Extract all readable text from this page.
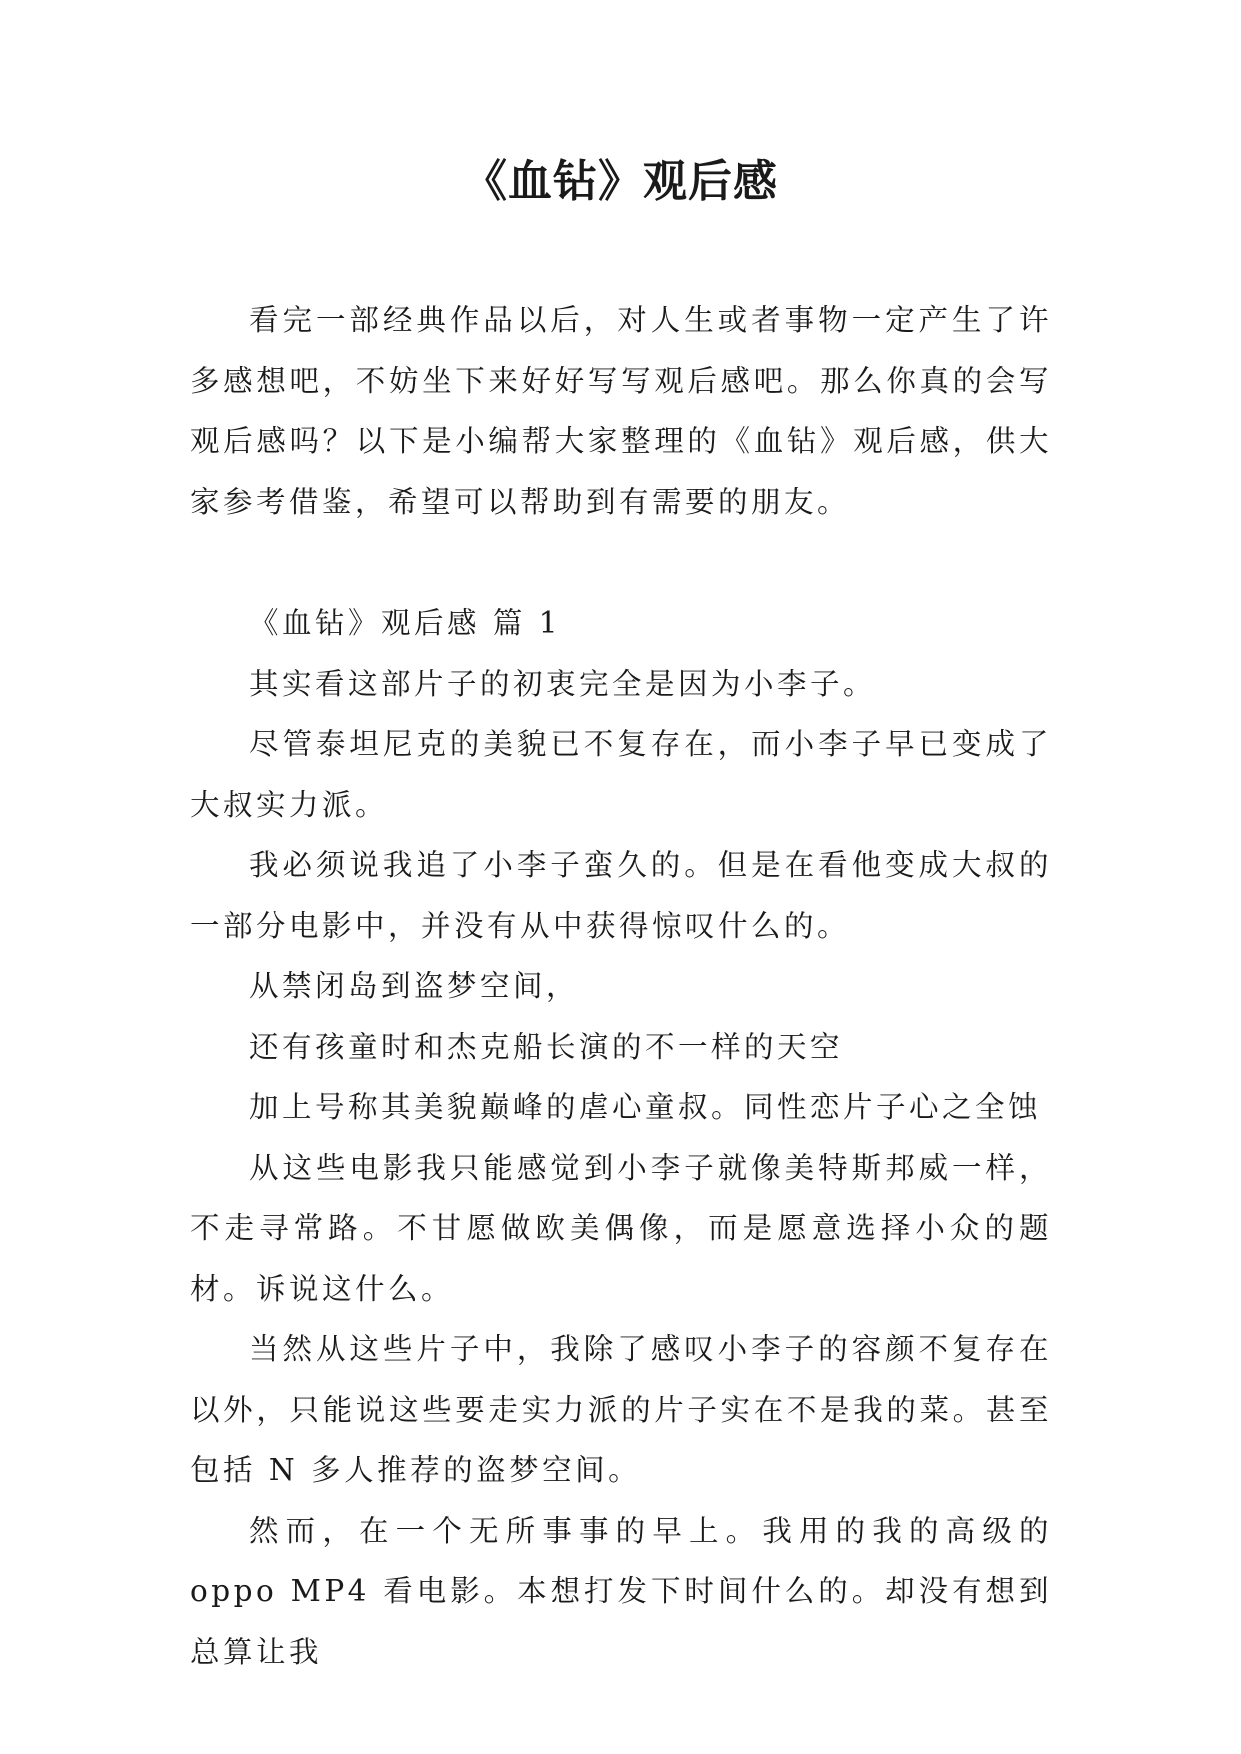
《血钻》观后感

看完一部经典作品以后，对人生或者事物一定产生了许多感想吧，不妨坐下来好好写写观后感吧。那么你真的会写观后感吗？以下是小编帮大家整理的《血钻》观后感，供大家参考借鉴，希望可以帮助到有需要的朋友。

《血钻》观后感 篇 1

其实看这部片子的初衷完全是因为小李子。

尽管泰坦尼克的美貌已不复存在，而小李子早已变成了大叔实力派。

我必须说我追了小李子蛮久的。但是在看他变成大叔的一部分电影中，并没有从中获得惊叹什么的。

从禁闭岛到盗梦空间，

还有孩童时和杰克船长演的不一样的天空

加上号称其美貌巅峰的虐心童叔。同性恋片子心之全蚀

从这些电影我只能感觉到小李子就像美特斯邦威一样，不走寻常路。不甘愿做欧美偶像，而是愿意选择小众的题材。诉说这什么。

当然从这些片子中，我除了感叹小李子的容颜不复存在以外，只能说这些要走实力派的片子实在不是我的菜。甚至包括 N 多人推荐的盗梦空间。

然而，在一个无所事事的早上。我用的我的高级的 oppo MP4 看电影。本想打发下时间什么的。却没有想到总算让我
